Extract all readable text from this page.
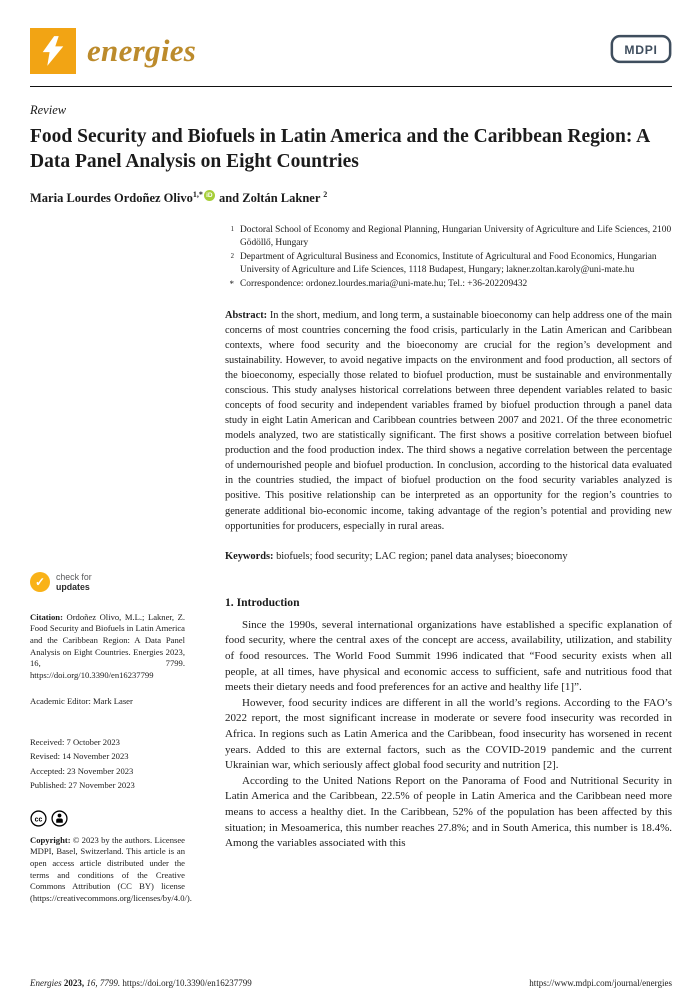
energies	MDPI
Review
Food Security and Biofuels in Latin America and the Caribbean Region: A Data Panel Analysis on Eight Countries

Maria Lourdes Ordoñez Olivo$^{1,*}$ iD and Zoltán Lakner $^2$

✓	check for
updates

Citation: Ordoñez Olivo, M.L.; Lakner, Z. Food Security and Biofuels in Latin America and the Caribbean Region: A Data Panel Analysis on Eight Countries. Energies 2023, 16, 7799. https://doi.org/10.3390/en16237799

Academic Editor: Mark Laser

Received: 7 October 2023

Revised: 14 November 2023

Accepted: 23 November 2023

Published: 27 November 2023

cc

Copyright: © 2023 by the authors. Licensee MDPI, Basel, Switzerland. This article is an open access article distributed under the terms and conditions of the Creative Commons Attribution (CC BY) license (https://creativecommons.org/licenses/by/4.0/).

1 Doctoral School of Economy and Regional Planning, Hungarian University of Agriculture and Life Sciences, 2100 Gödöllő, Hungary
2 Department of Agricultural Business and Economics, Institute of Agricultural and Food Economics, Hungarian University of Agriculture and Life Sciences, 1118 Budapest, Hungary; lakner.zoltan.karoly@uni-mate.hu
* Correspondence: ordonez.lourdes.maria@uni-mate.hu; Tel.: +36-202209432

Abstract: In the short, medium, and long term, a sustainable bioeconomy can help address one of the main concerns of most countries concerning the food crisis, particularly in the Latin American and Caribbean contexts, where food security and the bioeconomy are crucial for the region’s development and sustainability. However, to avoid negative impacts on the environment and food production, all sectors of the bioeconomy, especially those related to biofuel production, must be sustainable and environmentally conscious. This study analyses historical correlations between three dependent variables related to basic concepts of food security and independent variables framed by biofuel production through a panel data study in eight Latin American and Caribbean countries between 2007 and 2021. Of the three econometric models analyzed, two are statistically significant. The first shows a positive correlation between biofuel production and the food production index. The third shows a negative correlation between the percentage of undernourished people and biofuel production. In conclusion, according to the historical data evaluated in the countries studied, the impact of biofuel production on the food security variables analyzed is positive. This positive relationship can be interpreted as an opportunity for the region’s countries to generate additional bio-economic income, taking advantage of the region’s potential and providing new opportunities for producers, especially in rural areas.

Keywords: biofuels; food security; LAC region; panel data analyses; bioeconomy

1. Introduction

Since the 1990s, several international organizations have established a specific explanation of food security, where the central axes of the concept are access, availability, utilization, and stability of food resources. The World Food Summit 1996 indicated that “Food security exists when all people, at all times, have physical and economic access to sufficient, safe and nutritious food that meets their dietary needs and food preferences for an active and healthy life [1]”.

However, food security indices are different in all the world’s regions. According to the FAO’s 2022 report, the most significant increase in moderate or severe food insecurity was recorded in Africa. In regions such as Latin America and the Caribbean, food insecurity has worsened in recent years. Added to this are external factors, such as the COVID-2019 pandemic and the current Ukrainian war, which seriously affect global food security and nutrition [2].

According to the United Nations Report on the Panorama of Food and Nutritional Security in Latin America and the Caribbean, 22.5% of people in Latin America and the Caribbean need more means to access a healthy diet. In the Caribbean, 52% of the population has been affected by this situation; in Mesoamerica, this number reaches 27.8%; and in South America, this number is 18.4%. Among the variables associated with this

Energies 2023, 16, 7799. https://doi.org/10.3390/en16237799	https://www.mdpi.com/journal/energies
